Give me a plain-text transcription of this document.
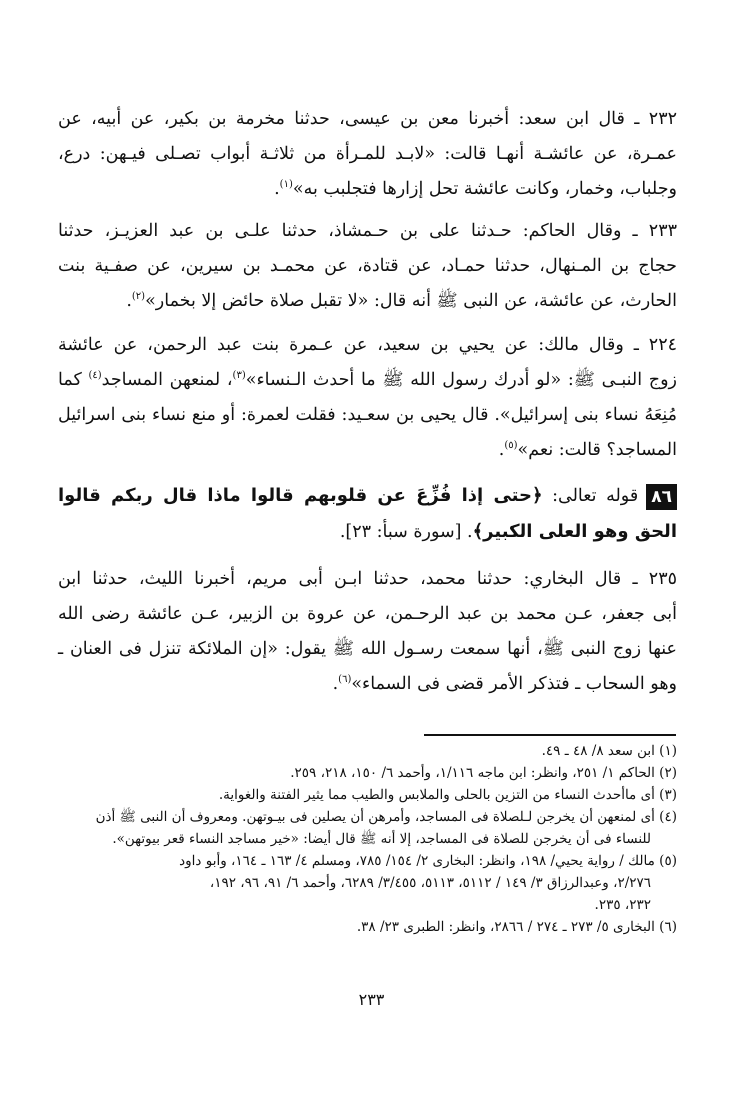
٢٣٢ ـ قال ابن سعد: أخبرنا معن بن عيسى، حدثنا مخرمة بن بكير، عن أبيه، عن
عمـرة، عن عائشـة أنهـا قالت: «لابـد للمـرأة من ثلاثـة أبواب تصـلى فيـهن: درع،
وجلباب، وخمار، وكانت عائشة تحل إزارها فتجلبب به»$^{(١)}$.
٢٣٣ ـ وقال الحاكم: حـدثنا على بن حـمشاذ، حدثنا علـى بن عبد العزيـز، حدثنا
حجاج بن المـنهال، حدثنا حمـاد، عن قتادة، عن محمـد بن سيرين، عن صفـية بنت
الحارث، عن عائشة، عن النبى ﷺ أنه قال: «لا تقبل صلاة حائض إلا بخمار»$^{(٢)}$.
٢٢٤ ـ وقال مالك: عن يحيي بن سعيد، عن عـمرة بنت عبد الرحمن، عن عائشة
زوج النبـى ﷺ: «لو أدرك رسول الله ﷺ ما أحدث الـنساء»$^{(٣)}$، لمنعهن المساجد$^{(٤)}$ كما
مُنِعَهُ نساء بنى إسرائيل». قال يحيى بن سعـيد: فقلت لعمرة: أو منع نساء بنى اسرائيل
المساجد؟ قالت: نعم»$^{(٥)}$.
٨٦قوله تعالى: ﴿حتى إذا فُزِّعَ عن قلوبهم قالوا ماذا قال ربكم قالوا
الحق وهو العلى الكبير﴾. [سورة سبأ: ٢٣].
٢٣٥ ـ قال البخاري: حدثنا محمد، حدثنا ابـن أبى مريم، أخبرنا الليث، حدثنا ابن
أبى جعفر، عـن محمد بن عبد الرحـمن، عن عروة بن الزبير، عـن عائشة رضى الله
عنها زوج النبى ﷺ، أنها سمعت رسـول الله ﷺ يقول: «إن الملائكة تنزل فى العنان ـ
وهو السحاب ـ فتذكر الأمر قضى فى السماء»$^{(٦)}$.
(١) ابن سعد ٨/ ٤٨ ـ ٤٩.
(٢) الحاكم ١/ ٢٥١، وانظر: ابن ماجه ١/١١٦، وأحمد ٦/ ١٥٠، ٢١٨، ٢٥٩.
(٣) أى ماأحدث النساء من التزين بالحلى والملابس والطيب مما يثير الفتنة والغواية.
(٤) أى لمنعهن أن يخرجن لـلصلاة فى المساجد، وأمرهن أن يصلين فى بيـوتهن. ومعروف أن النبى ﷺ أذن
للنساء فى أن يخرجن للصلاة فى المساجد، إلا أنه ﷺ قال أيضا: «خير مساجد النساء قعر بيوتهن».
(٥) مالك / رواية يحيي/ ١٩٨، وانظر: البخارى ٢/ ١٥٤/ ٧٨٥، ومسلم ٤/ ١٦٣ ـ ١٦٤، وأبو داود
٢/٢٧٦، وعبدالرزاق ٣/ ١٤٩ / ٥١١٢، ٥١١٣، ٣/٤٥٥/ ٦٢٨٩، وأحمد ٦/ ٩١، ٩٦، ١٩٢،
٢٣٢، ٢٣٥.
(٦) البخارى ٥/ ٢٧٣ ـ ٢٧٤ / ٢٨٦٦، وانظر: الطبرى ٢٣/ ٣٨.
٢٣٣
